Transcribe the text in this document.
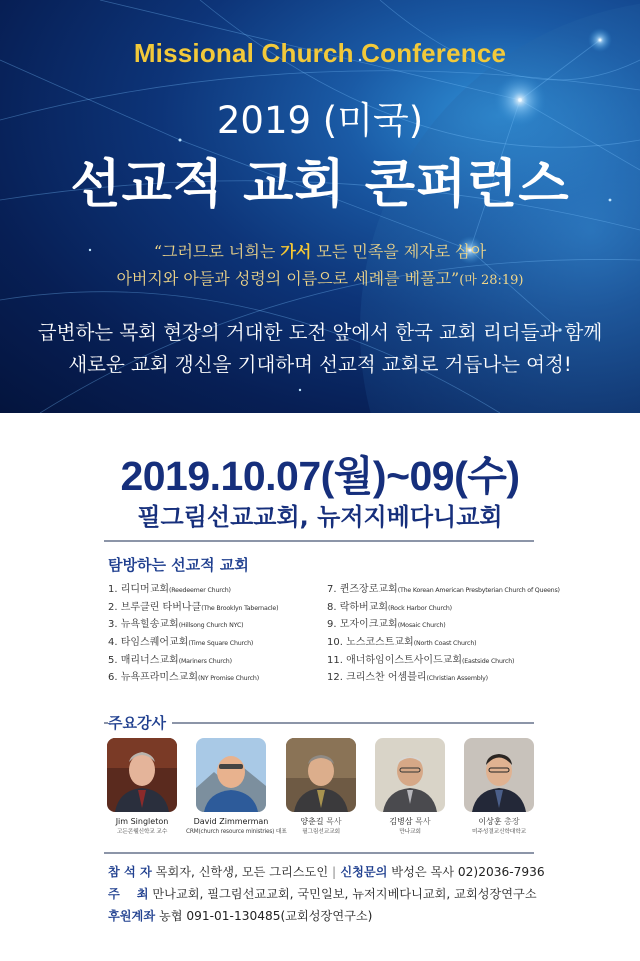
Missional Church Conference
2019 (미국)
선교적 교회 콘퍼런스
“그러므로 너희는 가서 모든 민족을 제자로 삼아
아버지와 아들과 성령의 이름으로 세례를 베풀고”(마 28:19)
급변하는 목회 현장의 거대한 도전 앞에서 한국 교회 리더들과 함께
새로운 교회 갱신을 기대하며 선교적 교회로 거듭나는 여정!
2019.10.07(월)~09(수)
필그림선교교회, 뉴저지베다니교회
탐방하는 선교적 교회
1. 리디머교회(Reedeemer Church)
2. 브루클린 타버나클(The Brooklyn Tabernacle)
3. 뉴욕힐송교회(Hillsong Church NYC)
4. 타임스퀘어교회(Time Square Church)
5. 매리너스교회(Mariners Church)
6. 뉴욕프라미스교회(NY Promise Church)
7. 퀸즈장로교회(The Korean American Presbyterian Church of Queens)
8. 락하버교회(Rock Harbor Church)
9. 모자이크교회(Mosaic Church)
10. 노스코스트교회(North Coast Church)
11. 애너하임이스트사이드교회(Eastside Church)
12. 크리스찬 어셈블리(Christian Assembly)
주요강사
Jim Singleton
고든콘웰신학교 교수
David Zimmerman
CRM(church resource ministries) 대표
양춘길 목사
필그림선교교회
김병삼 목사
만나교회
이상훈 총장
미주성결교신학대학교
참 석 자 목회자, 신학생, 모든 그리스도인 | 신청문의 박성은 목사 02)2036-7936
주    최 만나교회, 필그림선교교회, 국민일보, 뉴저지베다니교회, 교회성장연구소
후원계좌 농협 091-01-130485(교회성장연구소)
